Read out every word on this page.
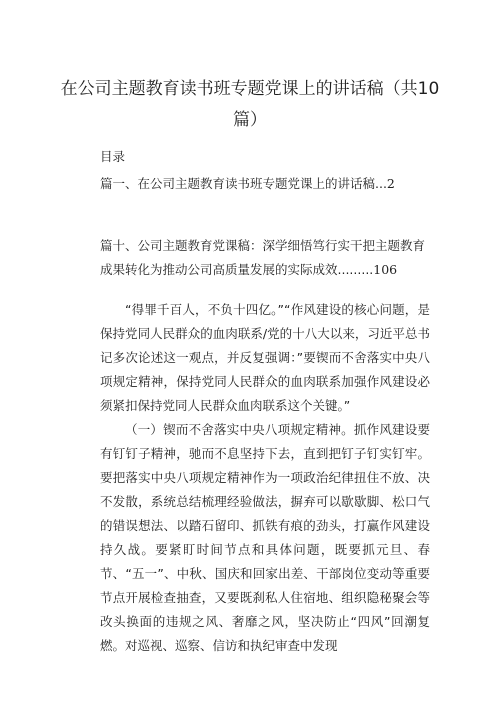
在公司主题教育读书班专题党课上的讲话稿（共10篇）
目录
篇一、在公司主题教育读书班专题党课上的讲话稿...2
篇十、公司主题教育党课稿：深学细悟笃行实干把主题教育成果转化为推动公司高质量发展的实际成效.........106
“得罪千百人，不负十四亿。”“作风建设的核心问题，是保持党同人民群众的血肉联系/党的十八大以来，习近平总书记多次论述这一观点，并反复强调：”要锲而不舍落实中央八项规定精神，保持党同人民群众的血肉联系加强作风建设必须紧扣保持党同人民群众血肉联系这个关键。”
（一）锲而不舍落实中央八项规定精神。抓作风建设要有钉钉子精神，驰而不息坚持下去，直到把钉子钉实钉牢。要把落实中央八项规定精神作为一项政治纪律扭住不放、决不发散，系统总结梳理经验做法，摒弃可以歇歇脚、松口气的错误想法、以踏石留印、抓铁有痕的劲头，打赢作风建设持久战。要紧盯时间节点和具体问题，既要抓元旦、春节、“五一”、中秋、国庆和回家出差、干部岗位变动等重要节点开展检查抽查，又要既刹私人住宿地、组织隐秘聚会等改头换面的违规之风、奢靡之风，坚决防止“四风”回潮复燃。对巡视、巡察、信访和执纪审查中发现
